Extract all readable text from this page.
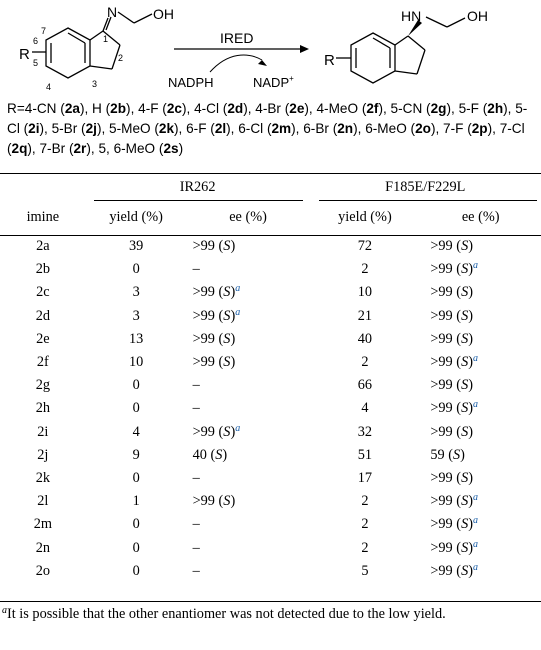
N	OH
R
7
1
6
2
5
4	3
IRED
NADPH	NADP+
HN	OH
R
R=4-CN (2a), H (2b), 4-F (2c), 4-Cl (2d), 4-Br (2e), 4-MeO (2f), 5-CN (2g), 5-F (2h), 5-Cl (2i), 5-Br (2j), 5-MeO (2k), 6-F (2l), 6-Cl (2m), 6-Br (2n), 6-MeO (2o), 7-F (2p), 7-Cl (2q), 7-Br (2r), 5, 6-MeO (2s)
	IR262		F185E/F229L	
imine	yield (%)	ee (%)	yield (%)	ee (%)
2a	39	>99 (S)	72	>99 (S)
2b	0	–	2	>99 (S)$^a$
2c	3	>99 (S)$^a$	10	>99 (S)
2d	3	>99 (S)$^a$	21	>99 (S)
2e	13	>99 (S)	40	>99 (S)
2f	10	>99 (S)	2	>99 (S)$^a$
2g	0	–	66	>99 (S)
2h	0	–	4	>99 (S)$^a$
2i	4	>99 (S)$^a$	32	>99 (S)
2j	9	40 (S)	51	59 (S)
2k	0	–	17	>99 (S)
2l	1	>99 (S)	2	>99 (S)$^a$
2m	0	–	2	>99 (S)$^a$
2n	0	–	2	>99 (S)$^a$
2o	0	–	5	>99 (S)$^a$
$^a$It is possible that the other enantiomer was not detected due to the low yield.
